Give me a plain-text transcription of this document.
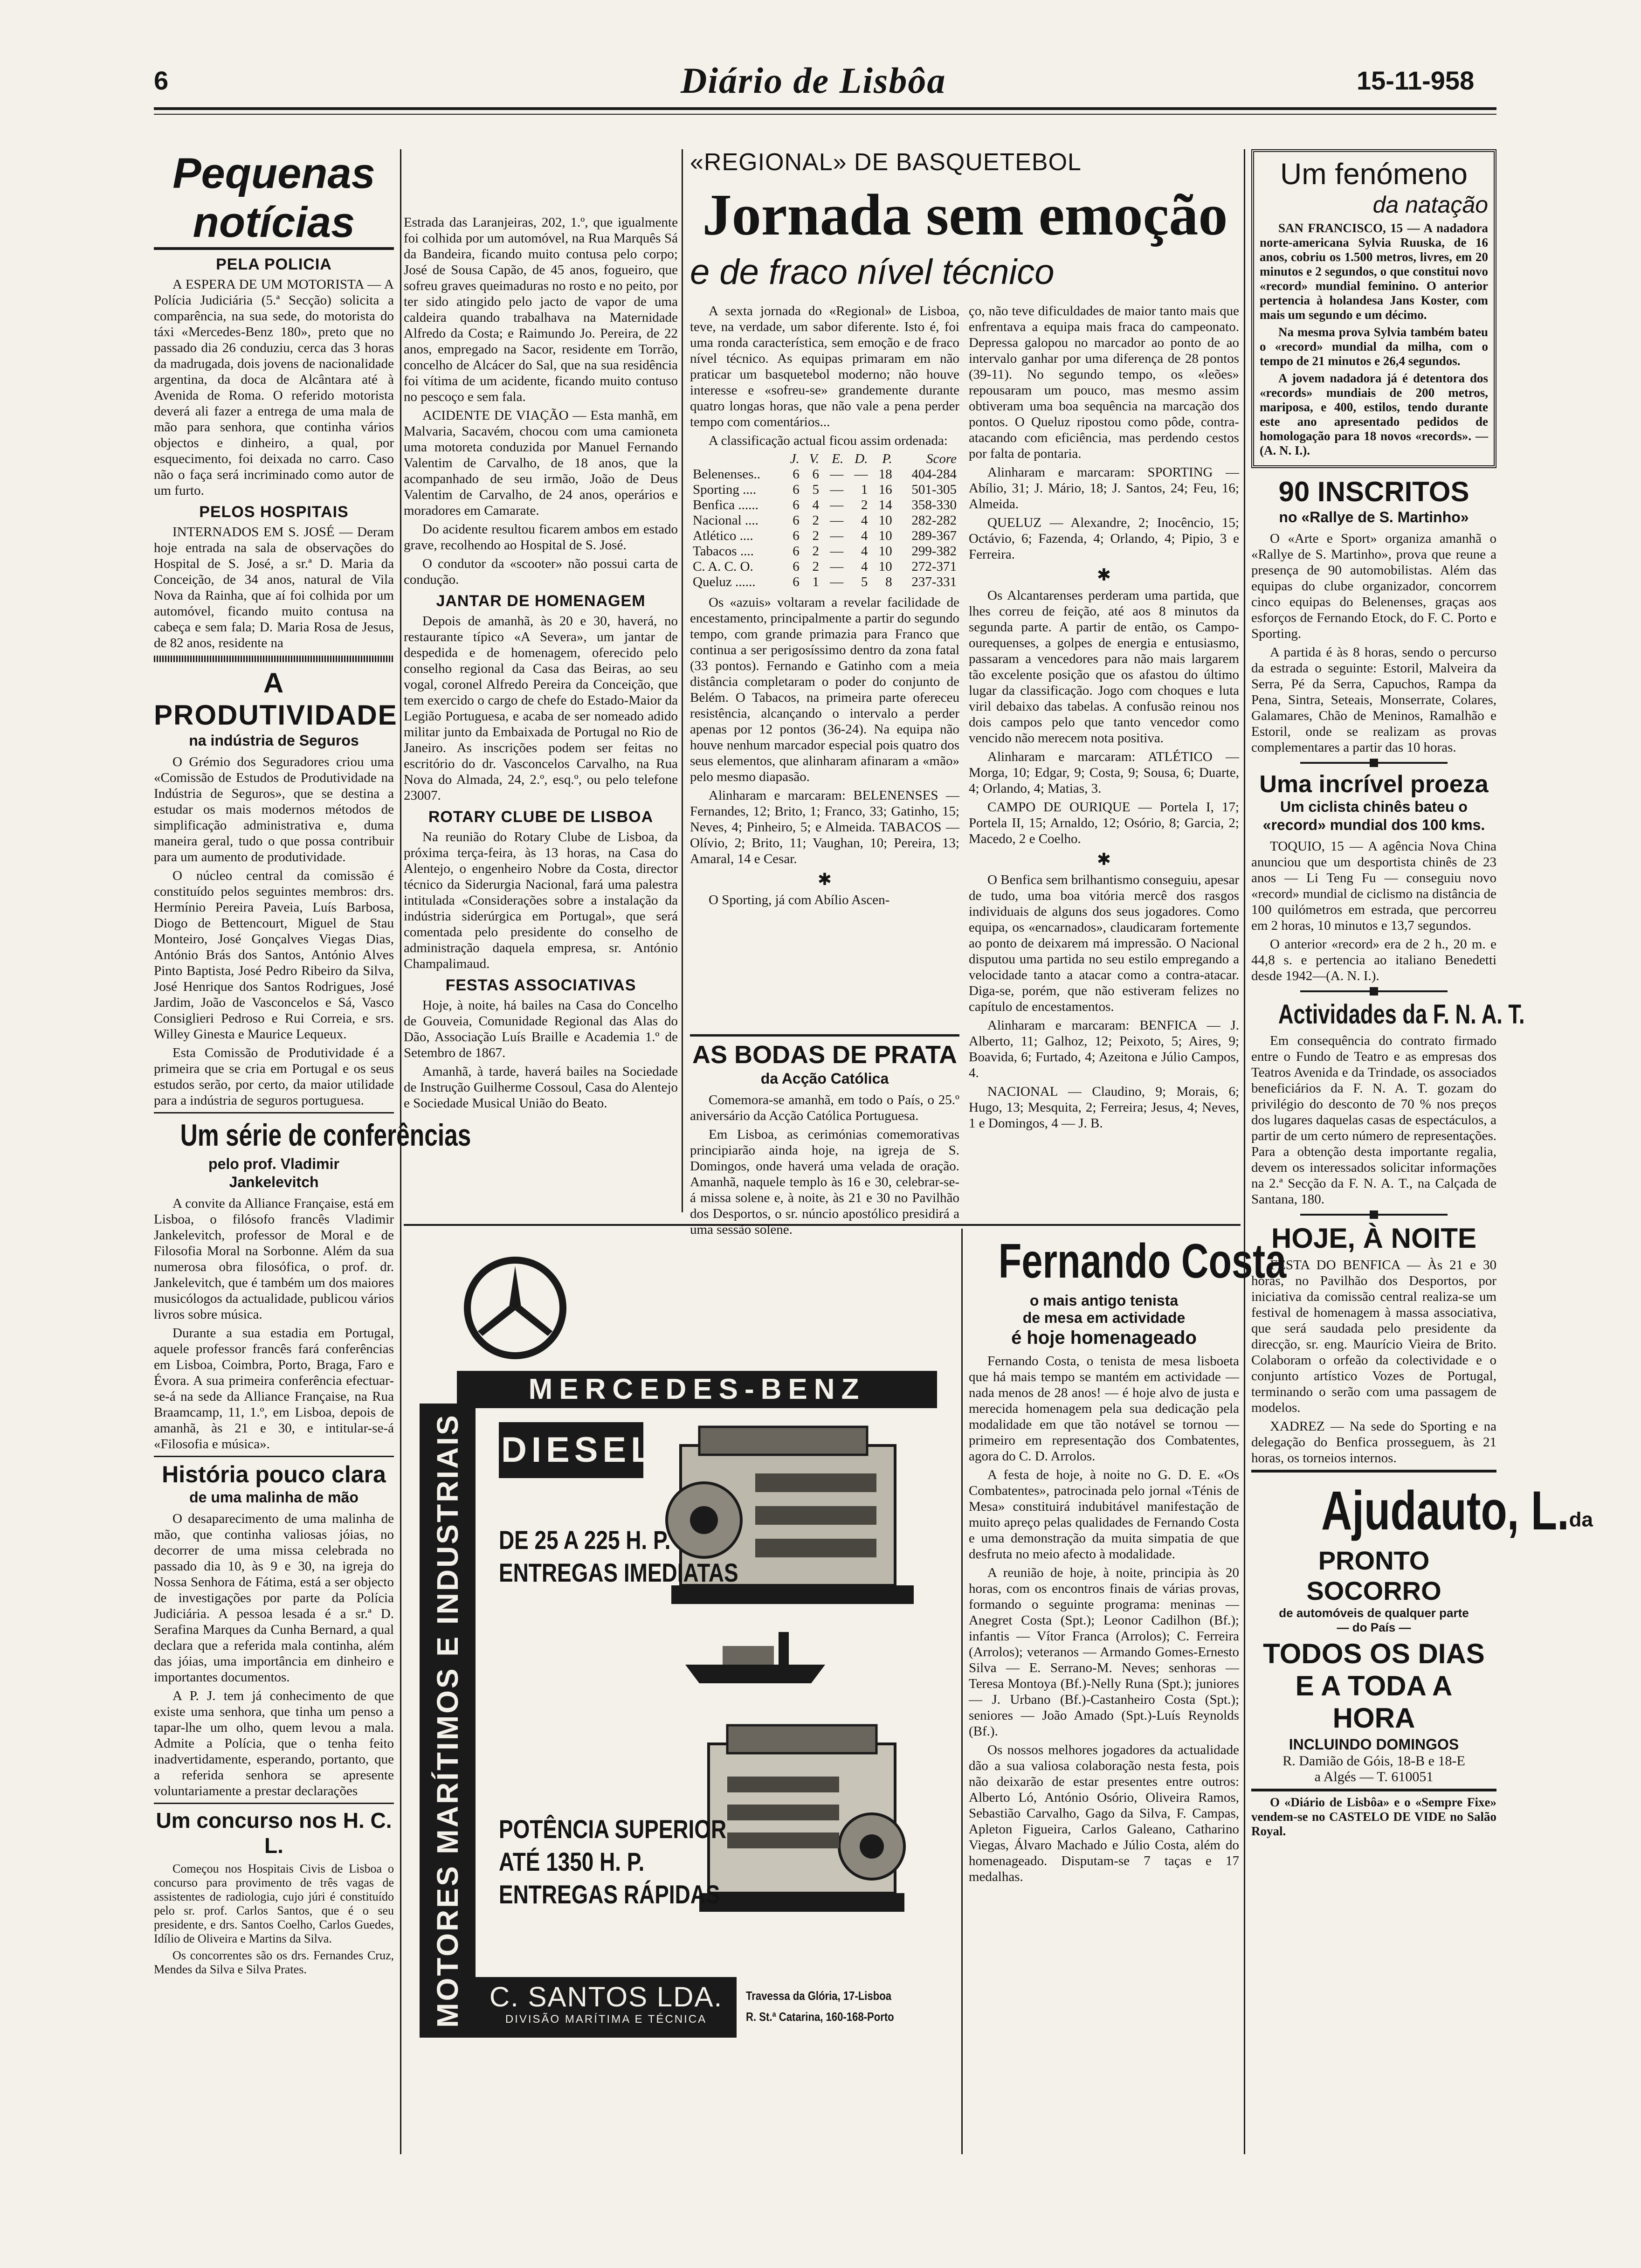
6	Diário de Lisbôa	15-11-958
Pequenas notícias
PELA POLICIA

A ESPERA DE UM MOTORISTA — A Polícia Judiciária (5.ª Secção) solicita a comparência, na sua sede, do motorista do táxi «Mercedes-Benz 180», preto que no passado dia 26 conduziu, cerca das 3 horas da madrugada, dois jovens de nacionalidade argentina, da doca de Alcântara até à Avenida de Roma. O referido motorista deverá ali fazer a entrega de uma mala de mão para senhora, que continha vários objectos e dinheiro, a qual, por esquecimento, foi deixada no carro. Caso não o faça será incriminado como autor de um furto.

PELOS HOSPITAIS

INTERNADOS EM S. JOSÉ — Deram hoje entrada na sala de observações do Hospital de S. José, a sr.ª D. Maria da Conceição, de 34 anos, natural de Vila Nova da Rainha, que aí foi colhida por um automóvel, ficando muito contusa na cabeça e sem fala; D. Maria Rosa de Jesus, de 82 anos, residente na

A PRODUTIVIDADE
na indústria de Seguros

O Grémio dos Seguradores criou uma «Comissão de Estudos de Produtividade na Indústria de Seguros», que se destina a estudar os mais modernos métodos de simplificação administrativa e, duma maneira geral, tudo o que possa contribuir para um aumento de produtividade.

O núcleo central da comissão é constituído pelos seguintes membros: drs. Hermínio Pereira Paveia, Luís Barbosa, Diogo de Bettencourt, Miguel de Stau Monteiro, José Gonçalves Viegas Dias, António Brás dos Santos, António Alves Pinto Baptista, José Pedro Ribeiro da Silva, José Henrique dos Santos Rodrigues, José Jardim, João de Vasconcelos e Sá, Vasco Consiglieri Pedroso e Rui Correia, e srs. Willey Ginesta e Maurice Lequeux.

Esta Comissão de Produtividade é a primeira que se cria em Portugal e os seus estudos serão, por certo, da maior utilidade para a indústria de seguros portuguesa.

Um série de conferências
pelo prof. Vladimir
Jankelevitch

A convite da Alliance Française, está em Lisboa, o filósofo francês Vladimir Jankelevitch, professor de Moral e de Filosofia Moral na Sorbonne. Além da sua numerosa obra filosófica, o prof. dr. Jankelevitch, que é também um dos maiores musicólogos da actualidade, publicou vários livros sobre música.

Durante a sua estadia em Portugal, aquele professor francês fará conferências em Lisboa, Coimbra, Porto, Braga, Faro e Évora. A sua primeira conferência efectuar-se-á na sede da Alliance Française, na Rua Braamcamp, 11, 1.º, em Lisboa, depois de amanhã, às 21 e 30, e intitular-se-á «Filosofia e música».

História pouco clara
de uma malinha de mão

O desaparecimento de uma malinha de mão, que continha valiosas jóias, no decorrer de uma missa celebrada no passado dia 10, às 9 e 30, na igreja do Nossa Senhora de Fátima, está a ser objecto de investigações por parte da Polícia Judiciária. A pessoa lesada é a sr.ª D. Serafina Marques da Cunha Bernard, a qual declara que a referida mala continha, além das jóias, uma importância em dinheiro e importantes documentos.

A P. J. tem já conhecimento de que existe uma senhora, que tinha um penso a tapar-lhe um olho, quem levou a mala. Admite a Polícia, que o tenha feito inadvertidamente, esperando, portanto, que a referida senhora se apresente voluntariamente a prestar declarações

Um concurso nos H. C. L.

Começou nos Hospitais Civis de Lisboa o concurso para provimento de três vagas de assistentes de radiologia, cujo júri é constituído pelo sr. prof. Carlos Santos, que é o seu presidente, e drs. Santos Coelho, Carlos Guedes, Idílio de Oliveira e Martins da Silva.

Os concorrentes são os drs. Fernandes Cruz, Mendes da Silva e Silva Prates.

Estrada das Laranjeiras, 202, 1.º, que igualmente foi colhida por um automóvel, na Rua Marquês Sá da Bandeira, ficando muito contusa pelo corpo; José de Sousa Capão, de 45 anos, fogueiro, que sofreu graves queimaduras no rosto e no peito, por ter sido atingido pelo jacto de vapor de uma caldeira quando trabalhava na Maternidade Alfredo da Costa; e Raimundo Jo. Pereira, de 22 anos, empregado na Sacor, residente em Torrão, concelho de Alcácer do Sal, que na sua residência foi vítima de um acidente, ficando muito contuso no pescoço e sem fala.

ACIDENTE DE VIAÇÃO — Esta manhã, em Malvaria, Sacavém, chocou com uma camioneta uma motoreta conduzida por Manuel Fernando Valentim de Carvalho, de 18 anos, que la acompanhado de seu irmão, João de Deus Valentim de Carvalho, de 24 anos, operários e moradores em Camarate.

Do acidente resultou ficarem ambos em estado grave, recolhendo ao Hospital de S. José.

O condutor da «scooter» não possui carta de condução.

JANTAR DE HOMENAGEM

Depois de amanhã, às 20 e 30, haverá, no restaurante típico «A Severa», um jantar de despedida e de homenagem, oferecido pelo conselho regional da Casa das Beiras, ao seu vogal, coronel Alfredo Pereira da Conceição, que tem exercido o cargo de chefe do Estado-Maior da Legião Portuguesa, e acaba de ser nomeado adido militar junto da Embaixada de Portugal no Rio de Janeiro. As inscrições podem ser feitas no escritório do dr. Vasconcelos Carvalho, na Rua Nova do Almada, 24, 2.º, esq.º, ou pelo telefone 23007.

ROTARY CLUBE DE LISBOA

Na reunião do Rotary Clube de Lisboa, da próxima terça-feira, às 13 horas, na Casa do Alentejo, o engenheiro Nobre da Costa, director técnico da Siderurgia Nacional, fará uma palestra intitulada «Considerações sobre a instalação da indústria siderúrgica em Portugal», que será comentada pelo presidente do conselho de administração daquela empresa, sr. António Champalimaud.

FESTAS ASSOCIATIVAS

Hoje, à noite, há bailes na Casa do Concelho de Gouveia, Comunidade Regional das Alas do Dão, Associação Luís Braille e Academia 1.º de Setembro de 1867.

Amanhã, à tarde, haverá bailes na Sociedade de Instrução Guilherme Cossoul, Casa do Alentejo e Sociedade Musical União do Beato.

«REGIONAL» DE BASQUETEBOL
Jornada sem emoção
e de fraco nível técnico

A sexta jornada do «Regional» de Lisboa, teve, na verdade, um sabor diferente. Isto é, foi uma ronda característica, sem emoção e de fraco nível técnico. As equipas primaram em não praticar um basquetebol moderno; não houve interesse e «sofreu-se» grandemente durante quatro longas horas, que não vale a pena perder tempo com comentários...

A classificação actual ficou assim ordenada:

	J.	V.	E.	D.	P.	Score
Belenenses..	6	6	—	—	18	404-284
Sporting ....	6	5	—	1	16	501-305
Benfica ......	6	4	—	2	14	358-330
Nacional ....	6	2	—	4	10	282-282
Atlético ....	6	2	—	4	10	289-367
Tabacos ....	6	2	—	4	10	299-382
C. A. C. O.	6	2	—	4	10	272-371
Queluz ......	6	1	—	5	8	237-331

Os «azuis» voltaram a revelar facilidade de encestamento, principalmente a partir do segundo tempo, com grande primazia para Franco que continua a ser perigosíssimo dentro da zona fatal (33 pontos). Fernando e Gatinho com a meia distância completaram o poder do conjunto de Belém. O Tabacos, na primeira parte ofereceu resistência, alcançando o intervalo a perder apenas por 12 pontos (36-24). Na equipa não houve nenhum marcador especial pois quatro dos seus elementos, que alinharam afinaram a «mão» pelo mesmo diapasão.

Alinharam e marcaram: BELENENSES — Fernandes, 12; Brito, 1; Franco, 33; Gatinho, 15; Neves, 4; Pinheiro, 5; e Almeida. TABACOS — Olívio, 2; Brito, 11; Vaughan, 10; Pereira, 13; Amaral, 14 e Cesar.

✱

O Sporting, já com Abílio Ascen-

AS BODAS DE PRATA
da Acção Católica

Comemora-se amanhã, em todo o País, o 25.º aniversário da Acção Católica Portuguesa.

Em Lisboa, as cerimónias comemorativas principiarão ainda hoje, na igreja de S. Domingos, onde haverá uma velada de oração. Amanhã, naquele templo às 16 e 30, celebrar-se-á missa solene e, à noite, às 21 e 30 no Pavilhão dos Desportos, o sr. núncio apostólico presidirá a uma sessão solene.

ço, não teve dificuldades de maior tanto mais que enfrentava a equipa mais fraca do campeonato. Depressa galopou no marcador ao ponto de ao intervalo ganhar por uma diferença de 28 pontos (39-11). No segundo tempo, os «leões» repousaram um pouco, mas mesmo assim obtiveram uma boa sequência na marcação dos pontos. O Queluz ripostou como pôde, contra-atacando com eficiência, mas perdendo cestos por falta de pontaria.

Alinharam e marcaram: SPORTING — Abílio, 31; J. Mário, 18; J. Santos, 24; Feu, 16; Almeida.

QUELUZ — Alexandre, 2; Inocêncio, 15; Octávio, 6; Fazenda, 4; Orlando, 4; Pipio, 3 e Ferreira.

✱

Os Alcantarenses perderam uma partida, que lhes correu de feição, até aos 8 minutos da segunda parte. A partir de então, os Campo-ourequenses, a golpes de energia e entusiasmo, passaram a vencedores para não mais largarem tão excelente posição que os afastou do último lugar da classificação. Jogo com choques e luta viril debaixo das tabelas. A confusão reinou nos dois campos pelo que tanto vencedor como vencido não merecem nota positiva.

Alinharam e marcaram: ATLÉTICO — Morga, 10; Edgar, 9; Costa, 9; Sousa, 6; Duarte, 4; Orlando, 4; Matias, 3.

CAMPO DE OURIQUE — Portela I, 17; Portela II, 15; Arnaldo, 12; Osório, 8; Garcia, 2; Macedo, 2 e Coelho.

✱

O Benfica sem brilhantismo conseguiu, apesar de tudo, uma boa vitória mercê dos rasgos individuais de alguns dos seus jogadores. Como equipa, os «encarnados», claudicaram fortemente ao ponto de deixarem má impressão. O Nacional disputou uma partida no seu estilo empregando a velocidade tanto a atacar como a contra-atacar. Diga-se, porém, que não estiveram felizes no capítulo de encestamentos.

Alinharam e marcaram: BENFICA — J. Alberto, 11; Galhoz, 12; Peixoto, 5; Aires, 9; Boavida, 6; Furtado, 4; Azeitona e Júlio Campos, 4.

NACIONAL — Claudino, 9; Morais, 6; Hugo, 13; Mesquita, 2; Ferreira; Jesus, 4; Neves, 1 e Domingos, 4 — J. B.

MERCEDES-BENZ
MOTORES MARÍTIMOS E INDUSTRIAIS DIESEL
DE 25 A 225 H. P.
ENTREGAS IMEDIATAS
POTÊNCIA SUPERIOR
ATÉ 1350 H. P.
ENTREGAS RÁPIDAS
C. SANTOS LDA.
DIVISÃO MARÍTIMA E TÉCNICA
Travessa da Glória, 17-Lisboa
R. St.ª Catarina, 160-168-Porto
Fernando Costa
o mais antigo tenista
de mesa em actividade
é hoje homenageado

Fernando Costa, o tenista de mesa lisboeta que há mais tempo se mantém em actividade — nada menos de 28 anos! — é hoje alvo de justa e merecida homenagem pela sua dedicação pela modalidade em que tão notável se tornou — primeiro em representação dos Combatentes, agora do C. D. Arrolos.

A festa de hoje, à noite no G. D. E. «Os Combatentes», patrocinada pelo jornal «Ténis de Mesa» constituirá indubitável manifestação de muito apreço pelas qualidades de Fernando Costa e uma demonstração da muita simpatia de que desfruta no meio afecto à modalidade.

A reunião de hoje, à noite, principia às 20 horas, com os encontros finais de várias provas, formando o seguinte programa: meninas — Anegret Costa (Spt.); Leonor Cadilhon (Bf.); infantis — Vítor Franca (Arrolos); C. Ferreira (Arrolos); veteranos — Armando Gomes-Ernesto Silva — E. Serrano-M. Neves; senhoras — Teresa Montoya (Bf.)-Nelly Runa (Spt.); juniores — J. Urbano (Bf.)-Castanheiro Costa (Spt.); seniores — João Amado (Spt.)-Luís Reynolds (Bf.).

Os nossos melhores jogadores da actualidade dão a sua valiosa colaboração nesta festa, pois não deixarão de estar presentes entre outros: Alberto Ló, António Osório, Oliveira Ramos, Sebastião Carvalho, Gago da Silva, F. Campas, Apleton Figueira, Carlos Galeano, Catharino Viegas, Álvaro Machado e Júlio Costa, além do homenageado. Disputam-se 7 taças e 17 medalhas.

Um fenómeno
da natação

SAN FRANCISCO, 15 — A nadadora norte-americana Sylvia Ruuska, de 16 anos, cobriu os 1.500 metros, livres, em 20 minutos e 2 segundos, o que constitui novo «record» mundial feminino. O anterior pertencia à holandesa Jans Koster, com mais um segundo e um décimo.

Na mesma prova Sylvia também bateu o «record» mundial da milha, com o tempo de 21 minutos e 26,4 segundos.

A jovem nadadora já é detentora dos «records» mundiais de 200 metros, mariposa, e 400, estilos, tendo durante este ano apresentado pedidos de homologação para 18 novos «records». — (A. N. I.).

90 INSCRITOS
no «Rallye de S. Martinho»

O «Arte e Sport» organiza amanhã o «Rallye de S. Martinho», prova que reune a presença de 90 automobilistas. Além das equipas do clube organizador, concorrem cinco equipas do Belenenses, graças aos esforços de Fernando Etock, do F. C. Porto e Sporting.

A partida é às 8 horas, sendo o percurso da estrada o seguinte: Estoril, Malveira da Serra, Pé da Serra, Capuchos, Rampa da Pena, Sintra, Seteais, Monserrate, Colares, Galamares, Chão de Meninos, Ramalhão e Estoril, onde se realizam as provas complementares a partir das 10 horas.

Uma incrível proeza
Um ciclista chinês bateu o
«record» mundial dos 100 kms.

TOQUIO, 15 — A agência Nova China anunciou que um desportista chinês de 23 anos — Li Teng Fu — conseguiu novo «record» mundial de ciclismo na distância de 100 quilómetros em estrada, que percorreu em 2 horas, 10 minutos e 13,7 segundos.

O anterior «record» era de 2 h., 20 m. e 44,8 s. e pertencia ao italiano Benedetti desde 1942—(A. N. I.).

Actividades da F. N. A. T.

Em consequência do contrato firmado entre o Fundo de Teatro e as empresas dos Teatros Avenida e da Trindade, os associados beneficiários da F. N. A. T. gozam do privilégio do desconto de 70 % nos preços dos lugares daquelas casas de espectáculos, a partir de um certo número de representações. Para a obtenção desta importante regalia, devem os interessados solicitar informações na 2.ª Secção da F. N. A. T., na Calçada de Santana, 180.

HOJE, À NOITE

FESTA DO BENFICA — Às 21 e 30 horas, no Pavilhão dos Desportos, por iniciativa da comissão central realiza-se um festival de homenagem à massa associativa, que será saudada pelo presidente da direcção, sr. eng. Maurício Vieira de Brito. Colaboram o orfeão da colectividade e o conjunto artístico Vozes de Portugal, terminando o serão com uma passagem de modelos.

XADREZ — Na sede do Sporting e na delegação do Benfica prosseguem, às 21 horas, os torneios internos.

Ajudauto, L.$^{da}$
PRONTO SOCORRO
de automóveis de qualquer parte
— do País —
TODOS OS DIAS
E A TODA A HORA
INCLUINDO DOMINGOS
R. Damião de Góis, 18-B e 18-E
a Algés — T. 610051

O «Diário de Lisbôa» e o «Sempre Fixe» vendem-se no CASTELO DE VIDE no Salão Royal.
